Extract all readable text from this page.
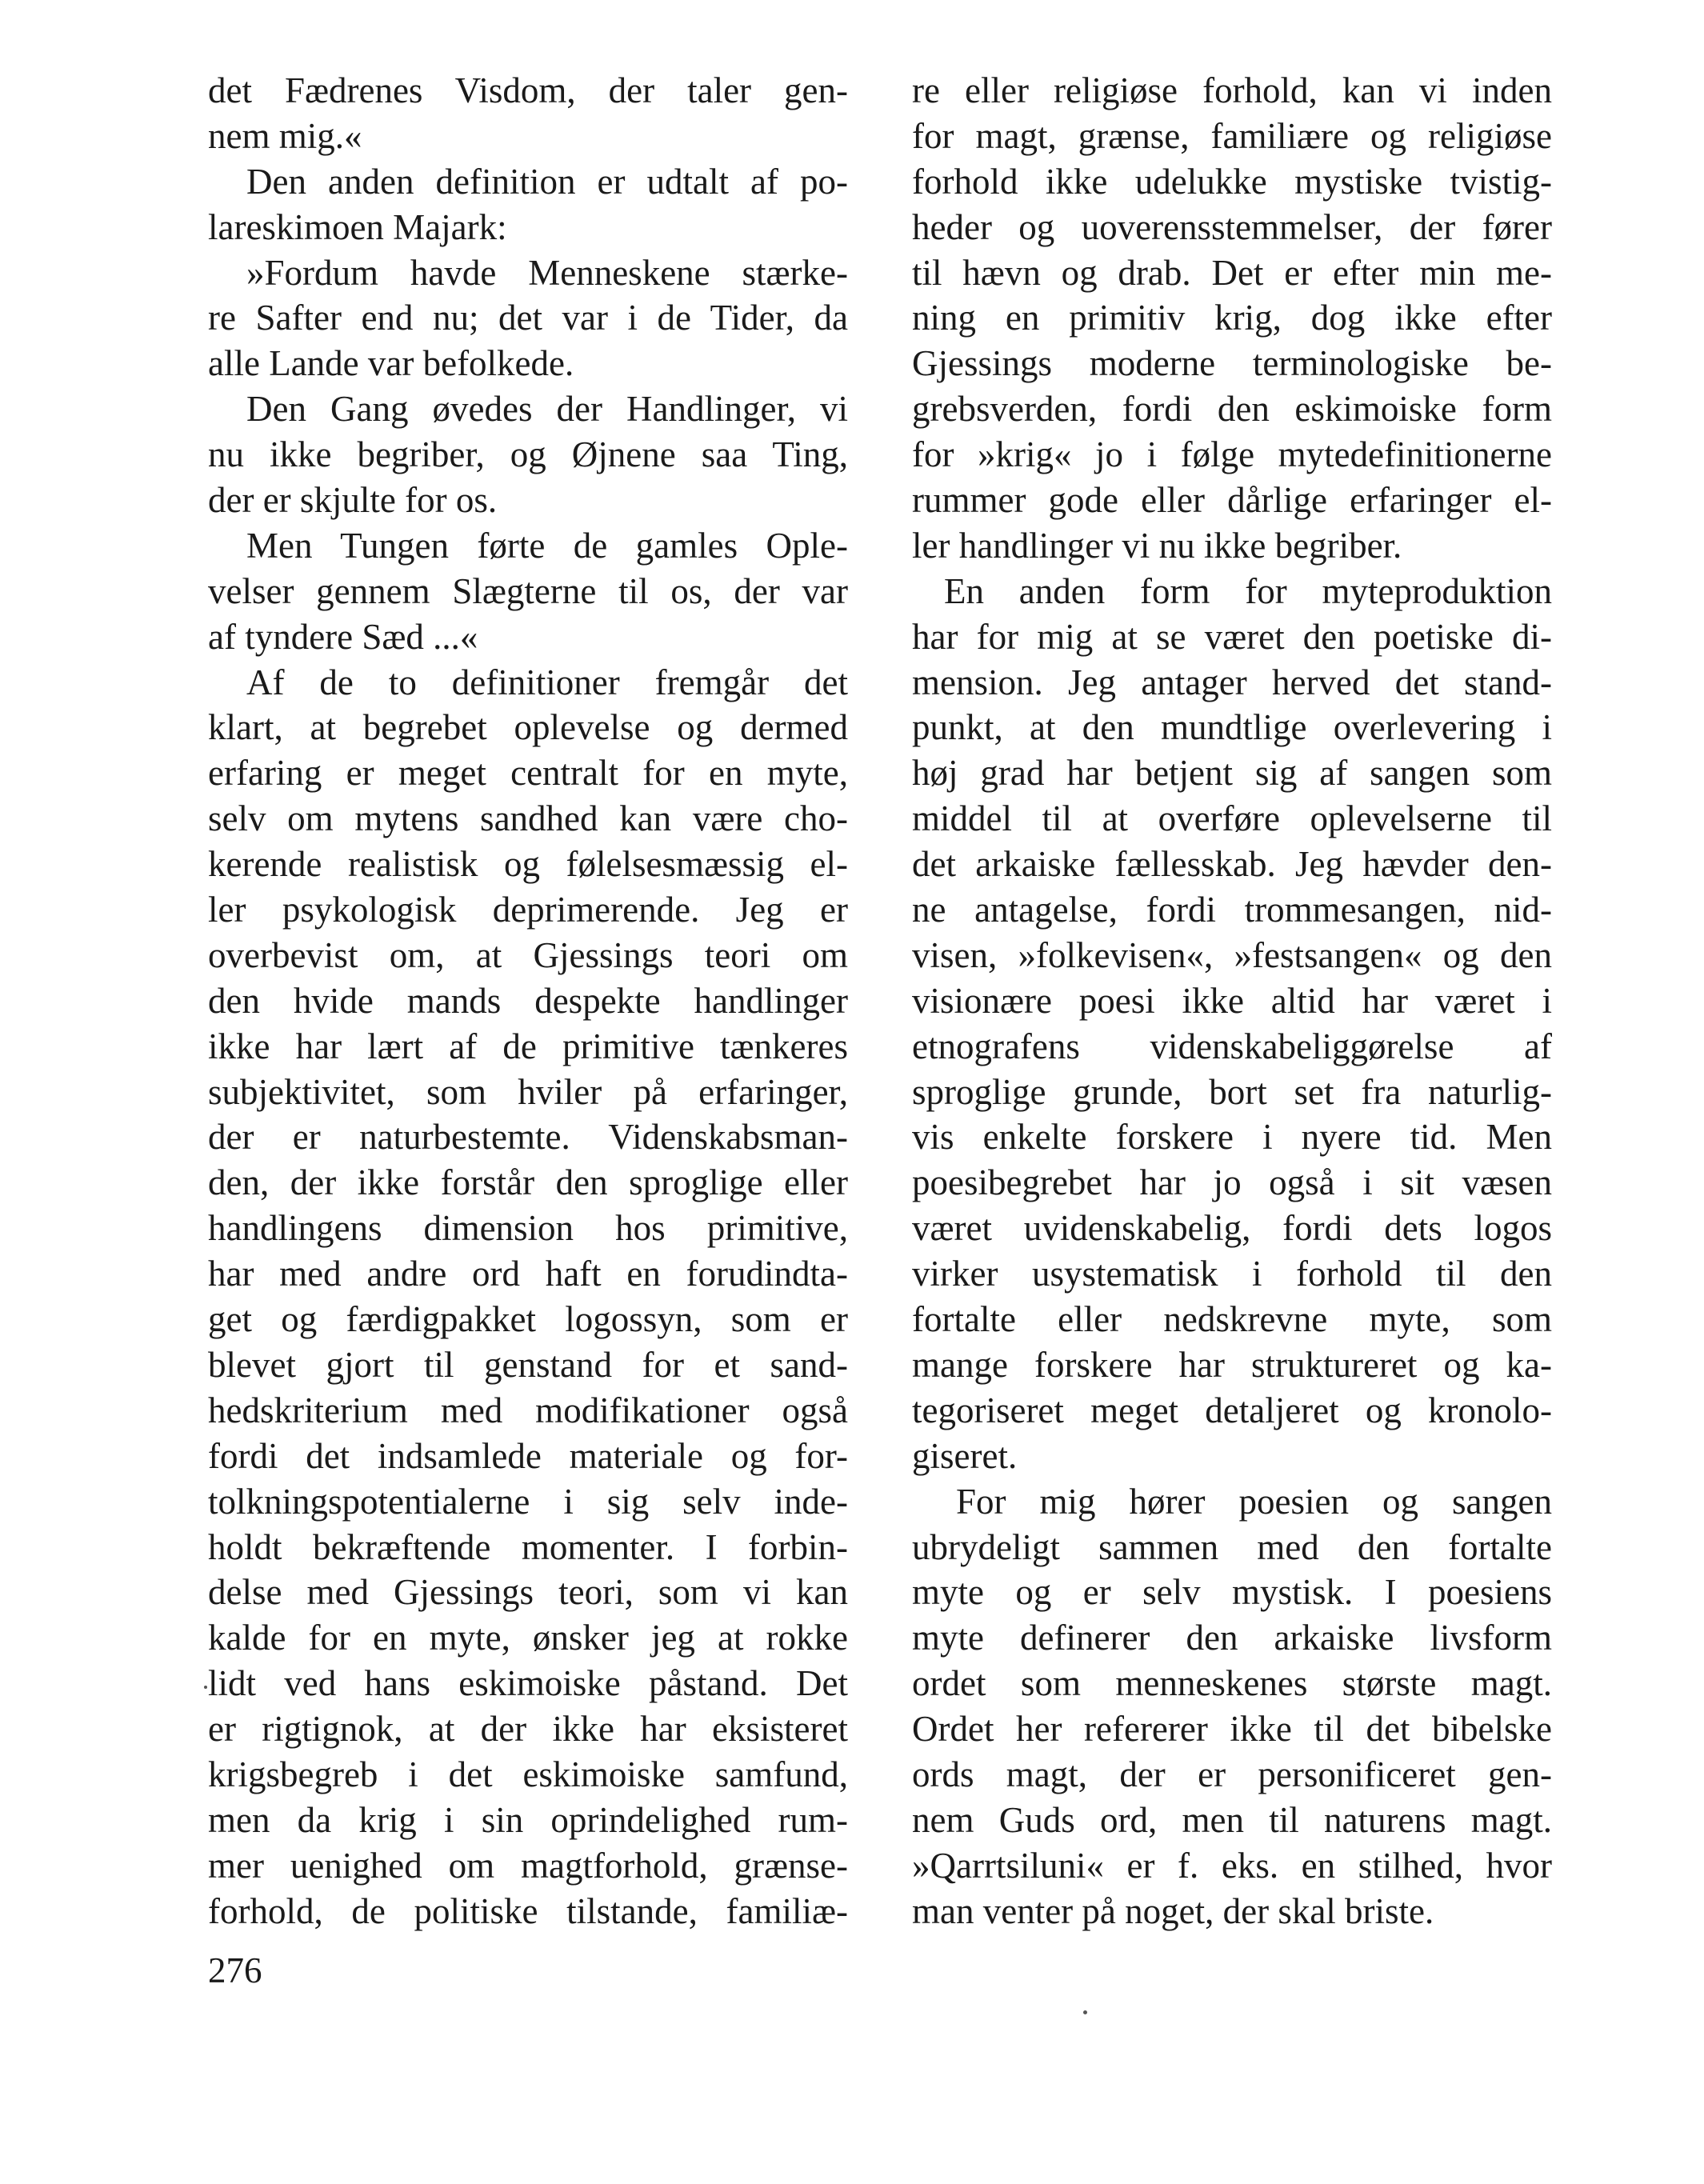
det Fædrenes Visdom, der taler gen-
nem mig.«
Den anden definition er udtalt af po-
lareskimoen Majark:
»Fordum havde Menneskene stærke-
re Safter end nu; det var i de Tider, da
alle Lande var befolkede.
Den Gang øvedes der Handlinger, vi
nu ikke begriber, og Øjnene saa Ting,
der er skjulte for os.
Men Tungen førte de gamles Ople-
velser gennem Slægterne til os, der var
af tyndere Sæd ...«
Af de to definitioner fremgår det
klart, at begrebet oplevelse og dermed
erfaring er meget centralt for en myte,
selv om mytens sandhed kan være cho-
kerende realistisk og følelsesmæssig el-
ler psykologisk deprimerende. Jeg er
overbevist om, at Gjessings teori om
den hvide mands despekte handlinger
ikke har lært af de primitive tænkeres
subjektivitet, som hviler på erfaringer,
der er naturbestemte. Videnskabsman-
den, der ikke forstår den sproglige eller
handlingens dimension hos primitive,
har med andre ord haft en forudindta-
get og færdigpakket logossyn, som er
blevet gjort til genstand for et sand-
hedskriterium med modifikationer også
fordi det indsamlede materiale og for-
tolkningspotentialerne i sig selv inde-
holdt bekræftende momenter. I forbin-
delse med Gjessings teori, som vi kan
kalde for en myte, ønsker jeg at rokke
lidt ved hans eskimoiske påstand. Det
er rigtignok, at der ikke har eksisteret
krigsbegreb i det eskimoiske samfund,
men da krig i sin oprindelighed rum-
mer uenighed om magtforhold, grænse-
forhold, de politiske tilstande, familiæ-
re eller religiøse forhold, kan vi inden
for magt, grænse, familiære og religiøse
forhold ikke udelukke mystiske tvistig-
heder og uoverensstemmelser, der fører
til hævn og drab. Det er efter min me-
ning en primitiv krig, dog ikke efter
Gjessings moderne terminologiske be-
grebsverden, fordi den eskimoiske form
for »krig« jo i følge mytedefinitionerne
rummer gode eller dårlige erfaringer el-
ler handlinger vi nu ikke begriber.
En anden form for myteproduktion
har for mig at se været den poetiske di-
mension. Jeg antager herved det stand-
punkt, at den mundtlige overlevering i
høj grad har betjent sig af sangen som
middel til at overføre oplevelserne til
det arkaiske fællesskab. Jeg hævder den-
ne antagelse, fordi trommesangen, nid-
visen, »folkevisen«, »festsangen« og den
visionære poesi ikke altid har været i
etnografens videnskabeliggørelse af
sproglige grunde, bort set fra naturlig-
vis enkelte forskere i nyere tid. Men
poesibegrebet har jo også i sit væsen
været uvidenskabelig, fordi dets logos
virker usystematisk i forhold til den
fortalte eller nedskrevne myte, som
mange forskere har struktureret og ka-
tegoriseret meget detaljeret og kronolo-
giseret.
For mig hører poesien og sangen
ubrydeligt sammen med den fortalte
myte og er selv mystisk. I poesiens
myte definerer den arkaiske livsform
ordet som menneskenes største magt.
Ordet her refererer ikke til det bibelske
ords magt, der er personificeret gen-
nem Guds ord, men til naturens magt.
»Qarrtsiluni« er f. eks. en stilhed, hvor
man venter på noget, der skal briste.
276
